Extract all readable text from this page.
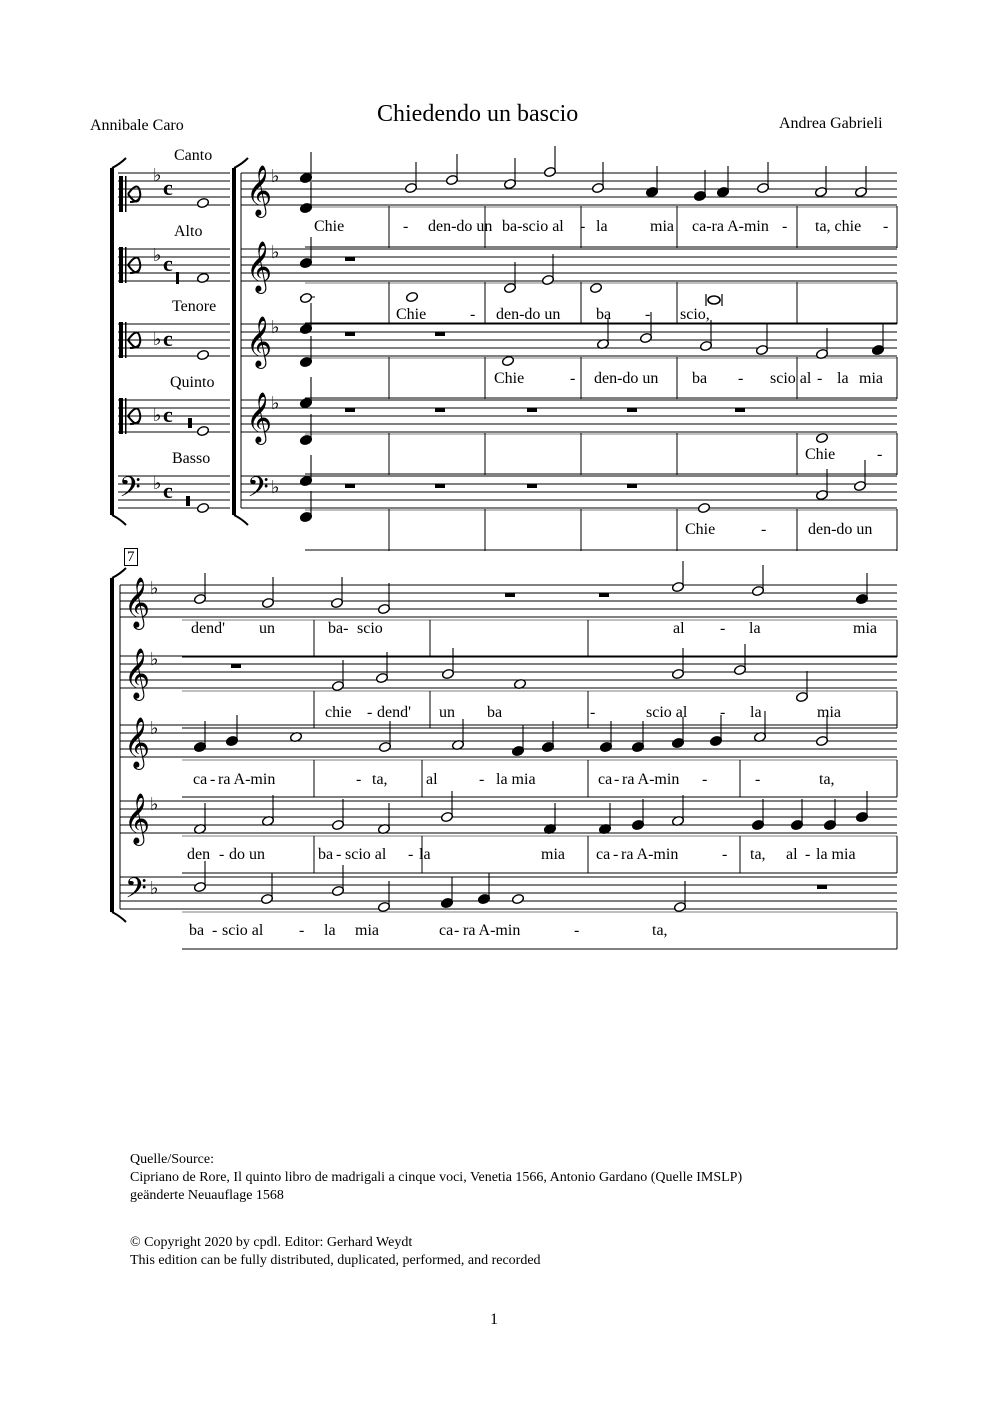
Chiedendo un bascio
Annibale Caro	Andrea Gabrieli
Canto
Alto
Tenore
Quinto
Basso
♭ c
♭ c
♭ c
♭ c
𝄢 ♭ c
𝄞
♭
𝄞
♭
𝄞
♭
𝄞
♭
𝄢 ♭
𝄞 ♭
𝄞 ♭
𝄞 ♭
𝄞 ♭
𝄢 ♭
Chie	- den-do un ba-scio al - la	mia ca-ra A-min - ta, chie -
Chie	- den-do un ba - scio,
Chie	- den-do un ba - scio al - la mia
Chie	-
Chie	-	den-do un
dend' un	ba- scio	al - la	mia
chie - dend' un ba	-	scio al - la	mia
ca - ra A-min	- ta, al	- la mia	ca - ra A-min -	-	ta,
den - do un	ba - scio al - la	mia ca - ra A-min	- ta, al - la mia
ba - scio al - la mia	ca - ra A-min	-	ta,
7
Quelle/Source:
Cipriano de Rore, Il quinto libro de madrigali a cinque voci, Venetia 1566, Antonio Gardano (Quelle IMSLP)
geänderte Neuauflage 1568
© Copyright 2020 by cpdl. Editor: Gerhard Weydt
This edition can be fully distributed, duplicated, performed, and recorded
1
